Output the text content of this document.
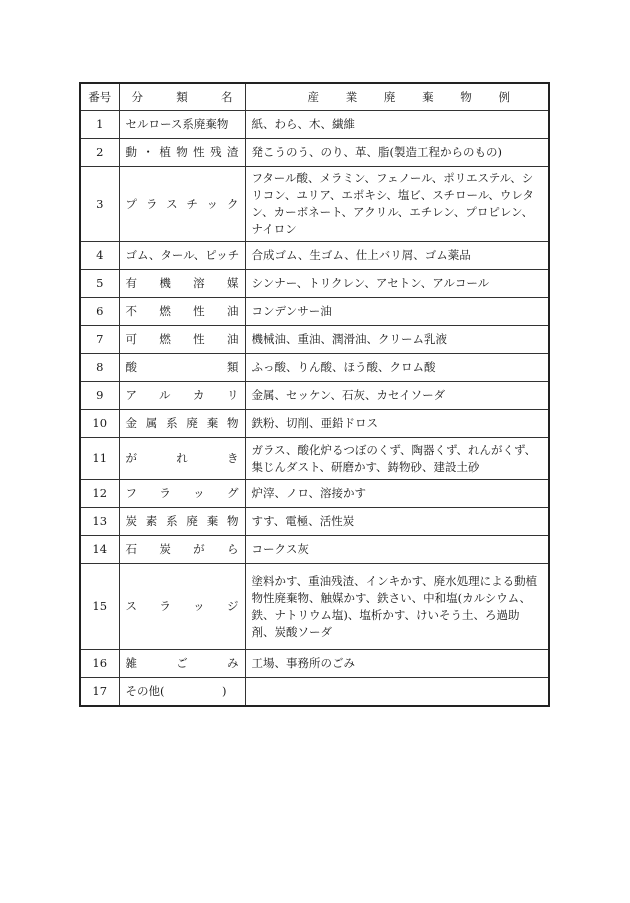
番号	分　類　名	産　業　廃　棄　物　例
1	セルロース系廃棄物	紙、わら、木、繊維
2	動・植物性残渣	発こうのう、のり、革、脂(製造工程からのもの)
3	プラスチック	フタール酸、メラミン、フェノール、ポリエステル、シリコン、ユリア、エポキシ、塩ビ、スチロール、ウレタン、カーボネート、アクリル、エチレン、プロピレン、ナイロン
4	ゴム、タール、ピッチ	合成ゴム、生ゴム、仕上バリ屑、ゴム薬品
5	有機溶媒	シンナー、トリクレン、アセトン、アルコール
6	不燃性油	コンデンサー油
7	可燃性油	機械油、重油、潤滑油、クリーム乳液
8	酸類	ふっ酸、りん酸、ほう酸、クロム酸
9	アルカリ	金属、セッケン、石灰、カセイソーダ
10	金属系廃棄物	鉄粉、切削、亜鉛ドロス
11	がれき	ガラス、酸化炉るつぼのくず、陶器くず、れんがくず、集じんダスト、研磨かす、鋳物砂、建設土砂
12	フラッグ	炉滓、ノロ、溶接かす
13	炭素系廃棄物	すす、電極、活性炭
14	石炭がら	コークス灰
15	スラッジ	塗料かす、重油残渣、インキかす、廃水処理による動植物性廃棄物、触媒かす、鉄さい、中和塩(カルシウム、鉄、ナトリウム塩)、塩析かす、けいそう土、ろ過助剤、炭酸ソーダ
16	雑ごみ	工場、事務所のごみ
17	その他(　　　　　)	
